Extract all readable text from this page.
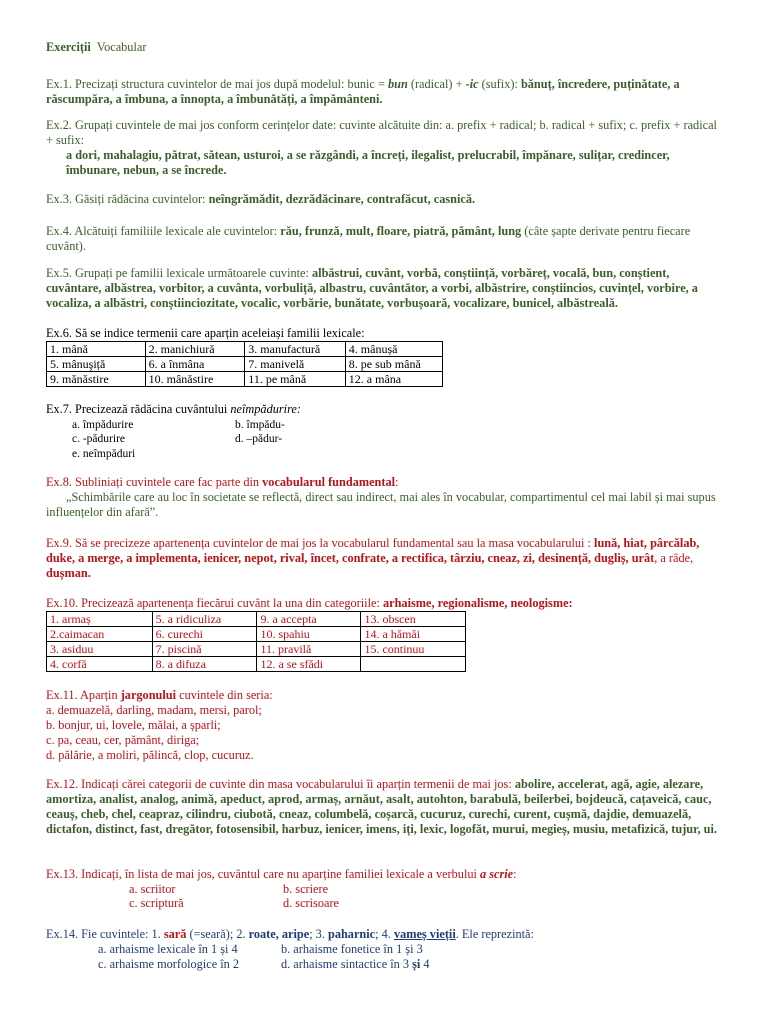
Exerciții Vocabular
Ex.1. Precizați structura cuvintelor de mai jos după modelul: bunic = bun (radical) + -ic (sufix): bănuț, încredere, puținătate, a răscumpăra, a îmbuna, a înnopta, a îmbunătăți, a împământeni.
Ex.2. Grupați cuvintele de mai jos conform cerințelor date: cuvinte alcătuite din: a. prefix + radical; b. radical + sufix; c. prefix + radical + sufix:
a dori, mahalagiu, pătrat, sătean, usturoi, a se răzgândi, a încreți, ilegalist, prelucrabil, împănare, sulițar, credincer, îmbunare, nebun, a se încrede.
Ex.3. Găsiți rădăcina cuvintelor: neîngrămădit, dezrădăcinare, contrafăcut, casnică.
Ex.4. Alcătuiți familiile lexicale ale cuvintelor: rău, frunză, mult, floare, piatră, pământ, lung (câte șapte derivate pentru fiecare cuvânt).
Ex.5. Grupați pe familii lexicale următoarele cuvinte: albăstrui, cuvânt, vorbă, conștiință, vorbăreț, vocală, bun, conștient, cuvântare, albăstrea, vorbitor, a cuvânta, vorbuliță, albastru, cuvântător, a vorbi, albăstrire, conștiincios, cuvințel, vorbire, a vocaliza, a albăstri, conștiinciozitate, vocalic, vorbărie, bunătate, vorbușoară, vocalizare, bunicel, albăstreală.
Ex.6. Să se indice termenii care aparțin aceleiași familii lexicale:
1. mână	2. manichiură	3. manufactură	4. mânușă
5. mânuşiță	6. a înmâna	7. manivelă	8. pe sub mână
9. mănăstire	10. mânăstire	11. pe mână	12. a mâna
Ex.7. Precizează rădăcina cuvântului neîmpădurire:
a. împădurire	b. împădu-
c. -pădurire	d. –pădur-
e. neîmpăduri
Ex.8. Subliniați cuvintele care fac parte din vocabularul fundamental:
„Schimbările care au loc în societate se reflectă, direct sau indirect, mai ales în vocabular, compartimentul cel mai labil și mai supus influențelor din afară”.
Ex.9. Să se precizeze apartenența cuvintelor de mai jos la vocabularul fundamental sau la masa vocabularului : lună, hiat, pârcălab, duke, a merge, a implementa, ienicer, nepot, rival, încet, confrate, a rectifica, târziu, cneaz, zi, desinență, dugliș, urât, a râde, dușman.
Ex.10. Precizează apartenența fiecărui cuvânt la una din categoriile: arhaisme, regionalisme, neologisme:
1. armaș	5. a ridiculiza	9. a accepta	13. obscen
2.caimacan	6. curechi	10. spahiu	14. a hămăi
3. asiduu	7. piscină	11. pravilă	15. continuu
4. corfă	8. a difuza	12. a se sfădi	
Ex.11. Aparțin jargonului cuvintele din seria:
a. demuazelă, darling, madam, mersi, parol;
b. bonjur, ui, lovele, mălai, a șparli;
c. pa, ceau, cer, pământ, diriga;
d. pălărie, a moliri, pălincă, clop, cucuruz.
Ex.12. Indicați cărei categorii de cuvinte din masa vocabularului îi aparțin termenii de mai jos: abolire, accelerat, agă, agie, alezare, amortiza, analist, analog, animă, apeduct, aprod, armaș, arnăut, asalt, autohton, barabulă, beilerbei, bojdeucă, cațaveică, cauc, ceauș, cheb, chel, ceapraz, cilindru, ciubotă, cneaz, columbelă, coșarcă, cucuruz, curechi, curent, cușmă, dajdie, demuazelă, dictafon, distinct, fast, dregător, fotosensibil, harbuz, ienicer, imens, iți, lexic, logofăt, murui, megieș, musiu, metafizică, tujur, ui.
Ex.13. Indicați, în lista de mai jos, cuvântul care nu aparține familiei lexicale a verbului a scrie:
a. scriitor	b. scriere
c. scriptură	d. scrisoare
Ex.14. Fie cuvintele: 1. sară (=seară); 2. roate, aripe; 3. paharnic; 4. vameș vieții. Ele reprezintă:
a. arhaisme lexicale în 1 și 4	b. arhaisme fonetice în 1 și 3
c. arhaisme morfologice în 2	d. arhaisme sintactice în 3 și 4
